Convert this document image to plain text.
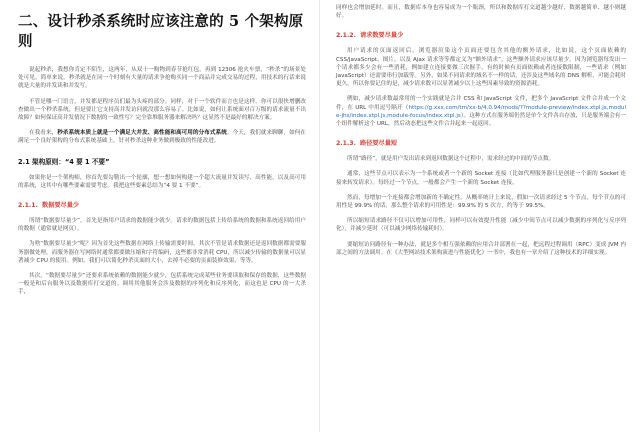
二、设计秒杀系统时应该注意的 5 个架构原则

说起秒杀，我想你肯定不陌生，这两年，从双十一购物到春节抢红包，再到 12306 抢火车票，“秒杀”的场景处处可见。简单来说，秒杀就是在同一个时刻有大量的请求争抢购买同一个商品并完成交易的过程，用技术的行话来说就是大量的并发读和并发写。

不管是哪一门语言，并发都是程序员们最为头疼的部分。同样，对于一个软件而言也是这样，你可以很快增删改查做出一个秒杀系统，但是要让它支持高并发访问就没那么容易了。比如说，如何让系统面对百万级的请求流量不出故障？如何保证高并发情况下数据的一致性写？完全靠堆服务器来解决吗？这显然不是最好的解决方案。

在我看来，秒杀系统本质上就是一个满足大并发、高性能和高可用的分布式系统。今天，我们就来聊聊，如何在满足一个良好架构的分布式系统基础上，针对秒杀这种业务做到极致的性能改进。

2.1 架构原则：“4 要 1 不要”

如果你是一个架构师，你首先要勾勒出一个轮廓，想一想如何构建一个超大流量并发读写、高性能，以及高可用的系统，这其中有哪些要素需要考虑。我把这些要素总结为“4 要 1 不要”。

2.1.1. 数据要尽量少

所谓“数据要尽量少”，首先是指用户请求的数据能少就少。请求的数据包括上传给系统的数据和系统返回给用户的数据（通常就是网页）。

为啥“数据要尽量少”呢？因为首先这些数据在网络上传输需要时间，其次不管是请求数据还是返回数据都需要服务器做处理，而服务器在写网络时通常都要做压缩和字符编码，这些都非常消耗 CPU，所以减少传输的数据量可以显著减少 CPU 的使用。例如，我们可以简化秒杀页面的大小，去掉不必要的页面装修效果，等等。

其次，“数据要尽量少”还要求系统依赖的数据能少就少，包括系统完成某些业务要读取和保存的数据，这些数据一般是和后台服务以及数据库打交道的。调用其他服务会涉及数据的序列化和反序列化，而这也是 CPU 的一大杀手，

同样也会增加延时。而且，数据库本身也容易成为一个瓶颈，所以和数据库打交道越少越好，数据越简单、越小则越好。

2.1.2. 请求数要尽量少

用户请求的页面返回后，浏览器渲染这个页面还要包含其他的额外请求，比如说，这个页面依赖的 CSS/JavaScript、图片，以及 Ajax 请求等等都定义为“额外请求”，这些额外请求应该尽量少。因为浏览器每发出一个请求都多少会有一些消耗，例如建立连接要做三次握手，有的时候有页面依赖或者连接数限制，一些请求（例如 JavaScript）还需要串行加载等。另外，如果不同请求的域名不一样的话，还涉及这些域名的 DNS 解析，可能会耗时更久。所以你要记住的是，减少请求数可以显著减少以上这些因素导致的资源消耗。

例如，减少请求数最常用的一个实践就是合并 CSS 和 JavaScript 文件，把多个 JavaScript 文件合并成一个文件，在 URL 中用逗号隔开（https://g.xxx.com/tm/xx-b/4.0.94/mods/??module-preview/index.xtpl.js,module-jhs/index.xtpl.js,module-focus/index.xtpl.js）。这种方式在服务端仍然是单个文件各自存放，只是服务端会有一个组件解析这个 URL，然后动态把这些文件合并起来一起返回。

2.1.3. 路径要尽量短

所谓“路径”，就是用户发出请求到返回数据这个过程中，需求经过的中间的节点数。

通常，这些节点可以表示为一个系统或者一个新的 Socket 连接（比如代理服务器只是创建一个新的 Socket 连接来转发请求）。每经过一个节点，一般都会产生一个新的 Socket 连接。

然而，每增加一个连接都会增加新的不确定性。从概率统计上来说，假如一次请求经过 5 个节点，每个节点的可用性是 99.9% 的话，那么整个请求的可用性是：99.9% 的 5 次方，约等于 99.5%。

所以缩短请求路径不仅可以增加可用性，同样可以有效提升性能（减少中间节点可以减少数据的序列化与反序列化），并减少延时（可以减少网络传输耗时）。

要缩短访问路径有一种办法，就是多个相互强依赖的应用合并部署在一起，把远程过程调用（RPC）变成 JVM 内部之间的方法调用。在《大型网站技术架构演进与性能优化》一书中，我也有一章介绍了这种技术的详细实现。
